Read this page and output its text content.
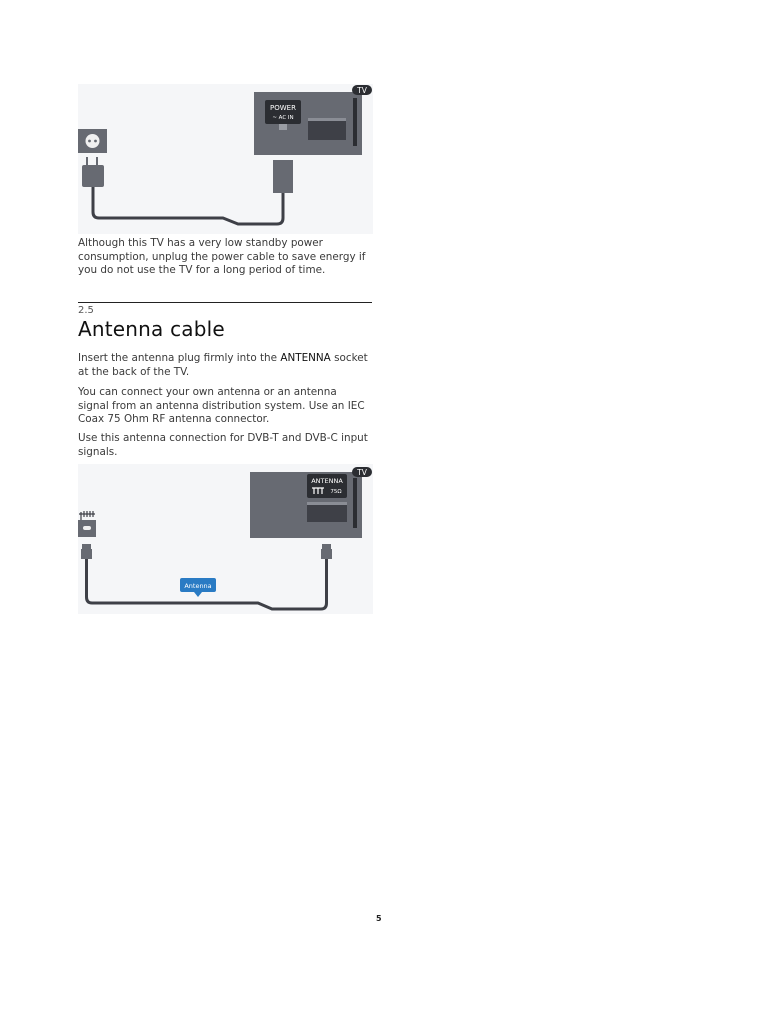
POWER
~ AC IN
TV

Although this TV has a very low standby power consumption, unplug the power cable to save energy if you do not use the TV for a long period of time.

2.5
Antenna cable

Insert the antenna plug firmly into the ANTENNA socket at the back of the TV.

You can connect your own antenna or an antenna signal from an antenna distribution system. Use an IEC Coax 75 Ohm RF antenna connector.

Use this antenna connection for DVB-T and DVB-C input signals.

ANTENNA
75Ω
TV
Antenna
5
